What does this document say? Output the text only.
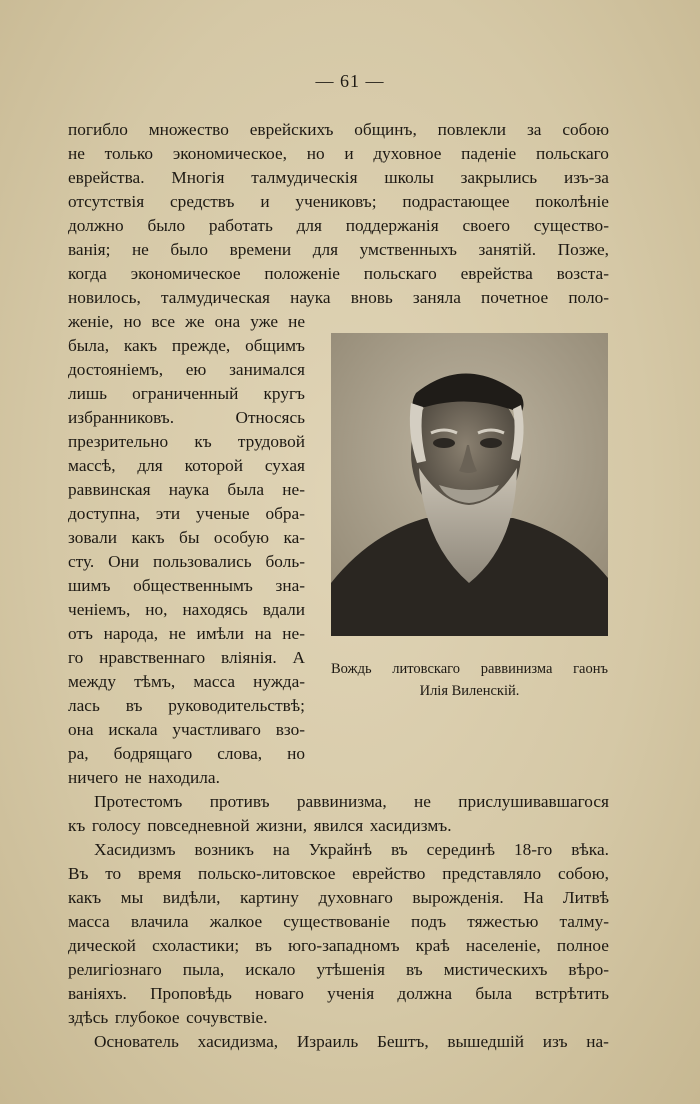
— 61 —
погибло множество еврейскихъ общинъ, повлекли за собою
не только экономическое, но и духовное паденіе польскаго
еврейства. Многія талмудическія школы закрылись изъ-за
отсутствія средствъ и учениковъ; подрастающее поколѣніе
должно было работать для поддержанія своего существо-
ванія; не было времени для умственныхъ занятій. Позже,
когда экономическое положеніе польскаго еврейства возста-
новилось, талмудическая наука вновь заняла почетное поло-
женіе, но все же она уже не
была, какъ прежде, общимъ
достояніемъ, ею занимался
лишь ограниченный кругъ
избранниковъ.	Относясь
презрительно къ трудовой
массѣ, для которой сухая
раввинская наука была не-
доступна, эти ученые обра-
зовали какъ бы особую ка-
сту. Они пользовались боль-
шимъ общественнымъ зна-
ченіемъ, но, находясь вдали
отъ народа, не имѣли на не-
го нравственнаго вліянія. А
между тѣмъ, масса нуждa-
лась въ руководительствѣ;
она искала участливаго взо-
ра, бодрящаго слова, но
ничего не находила.
Протестомъ противъ раввинизма, не прислушивавшагося
къ голосу повседневной жизни, явился хасидизмъ.
Хасидизмъ возникъ на Украйнѣ въ серединѣ 18-го вѣка.
Въ то время польско-литовское еврейство представляло собою,
какъ мы видѣли, картину духовнаго вырожденія. На Литвѣ
масса влачила жалкое существованіе подъ тяжестью талму-
дической схоластики; въ юго-западномъ краѣ населеніе, полное
религіознаго пыла, искало утѣшенія въ мистическихъ вѣро-
ваніяхъ. Проповѣдь новаго ученія должна была встрѣтить
здѣсь глубокое сочувствіе.
Основатель хасидизма, Израиль Бештъ, вышедшій изъ на-
Вождь литовскаго раввинизма гаонъ
Илія Виленскій.
